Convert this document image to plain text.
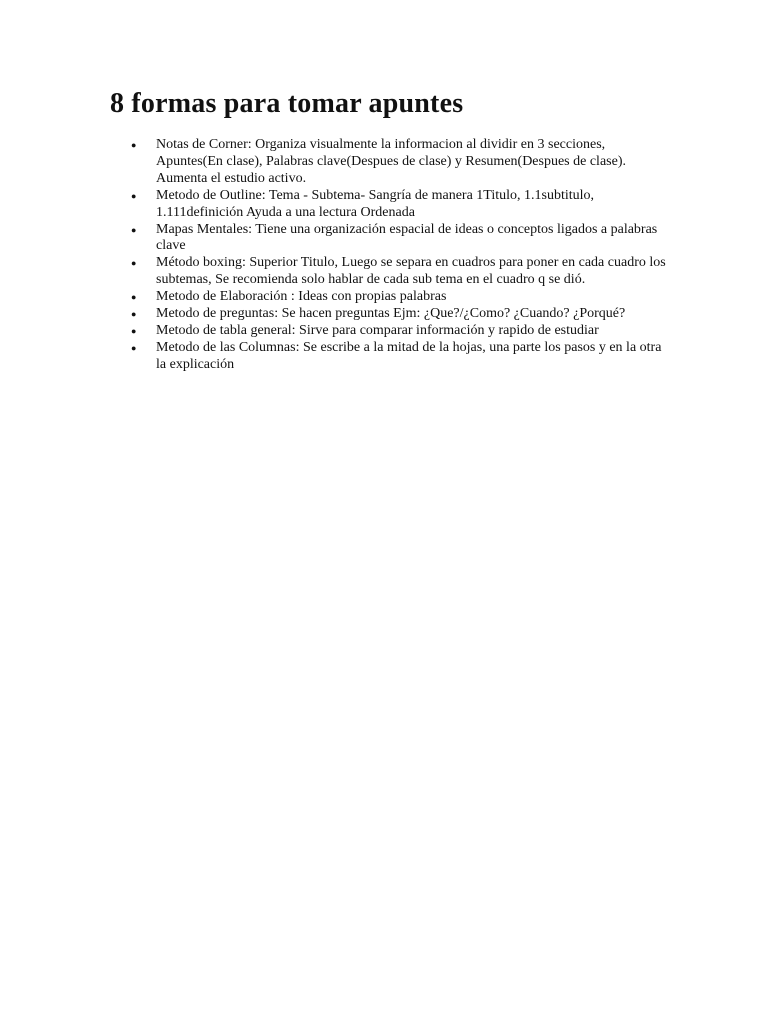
8 formas para tomar apuntes
● Notas de Corner: Organiza visualmente la informacion al dividir en 3 secciones, Apuntes(En clase), Palabras clave(Despues de clase) y Resumen(Despues de clase). Aumenta el estudio activo.
● Metodo de Outline: Tema - Subtema- Sangría de manera 1Titulo, 1.1subtitulo, 1.111definición Ayuda a una lectura Ordenada
● Mapas Mentales: Tiene una organización espacial de ideas o conceptos ligados a palabras clave
● Método boxing: Superior Titulo, Luego se separa en cuadros para poner en cada cuadro los subtemas, Se recomienda solo hablar de cada sub tema en el cuadro q se dió.
● Metodo de Elaboración : Ideas con propias palabras
● Metodo de preguntas: Se hacen preguntas Ejm: ¿Que?/¿Como? ¿Cuando? ¿Porqué?
● Metodo de tabla general: Sirve para comparar información y rapido de estudiar
● Metodo de las Columnas: Se escribe a la mitad de la hojas, una parte los pasos y en la otra la explicación
